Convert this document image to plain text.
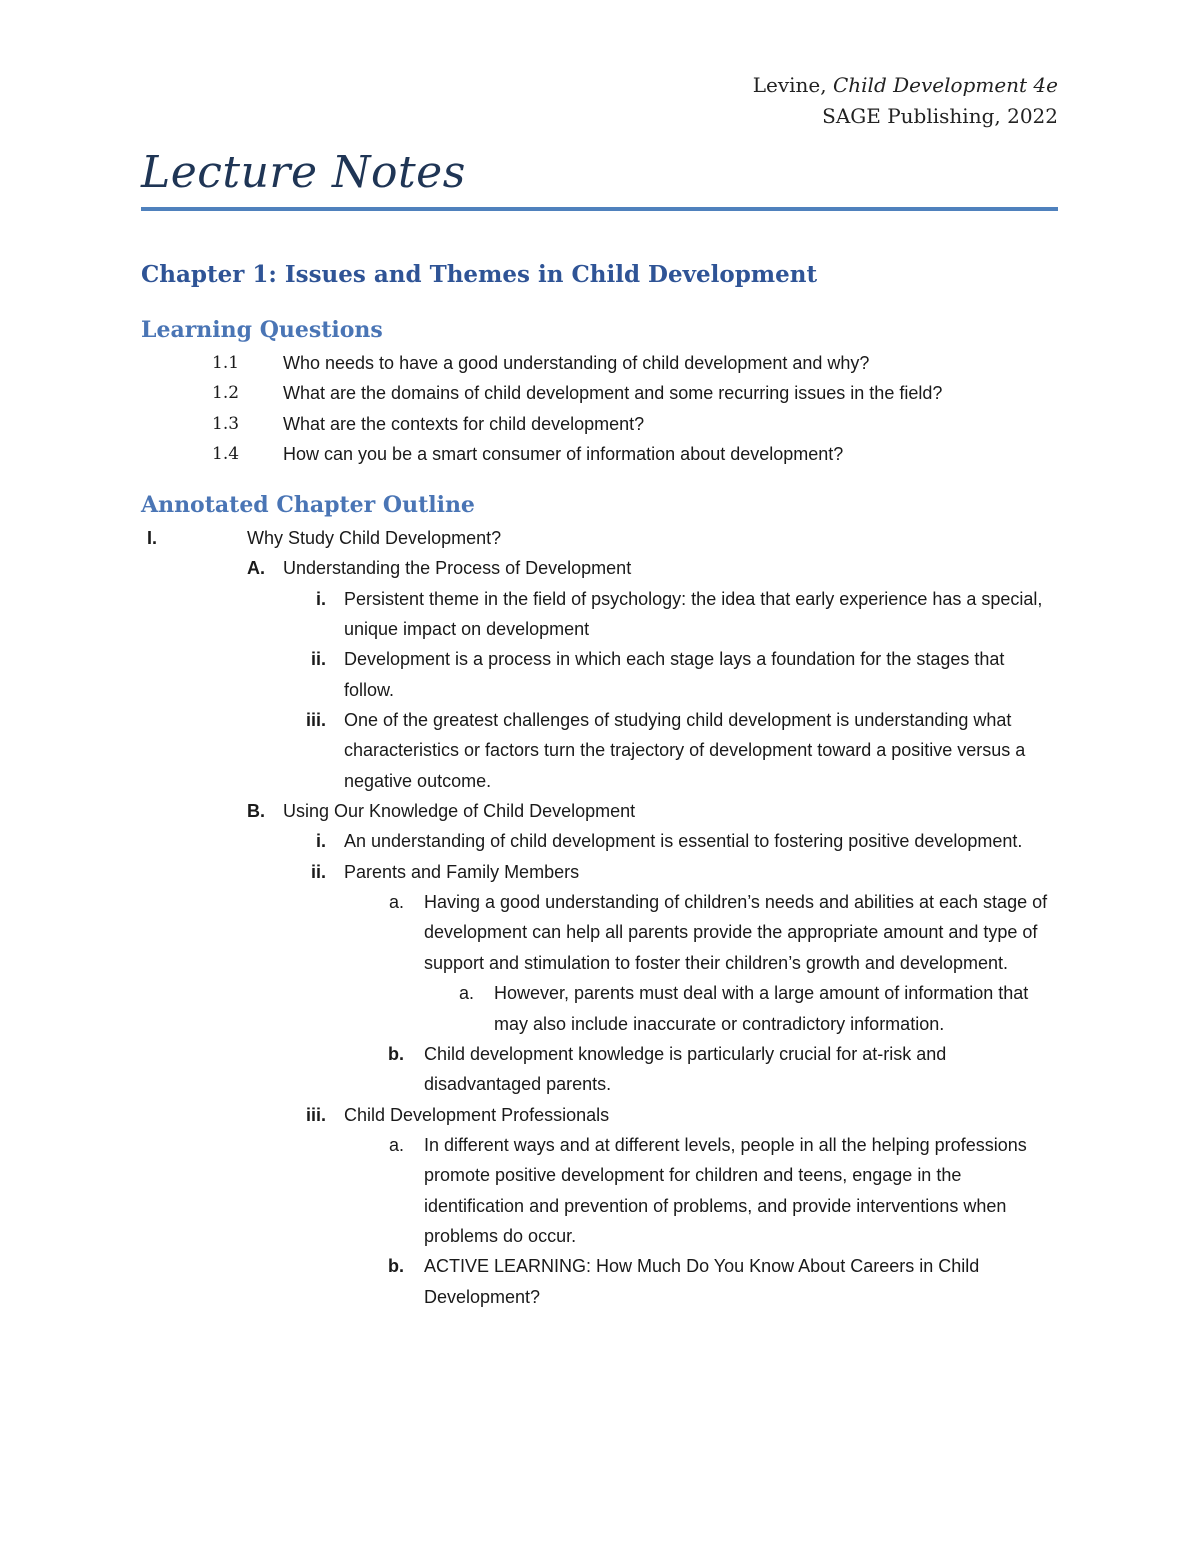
Levine, Child Development 4e
SAGE Publishing, 2022
Lecture Notes
Chapter 1: Issues and Themes in Child Development
Learning Questions
1.1 Who needs to have a good understanding of child development and why?
1.2 What are the domains of child development and some recurring issues in the field?
1.3 What are the contexts for child development?
1.4 How can you be a smart consumer of information about development?
Annotated Chapter Outline
I.	Why Study Child Development?
A. Understanding the Process of Development
i. Persistent theme in the field of psychology: the idea that early experience has a special, unique impact on development
ii. Development is a process in which each stage lays a foundation for the stages that follow.
iii. One of the greatest challenges of studying child development is understanding what characteristics or factors turn the trajectory of development toward a positive versus a negative outcome.
B. Using Our Knowledge of Child Development
i. An understanding of child development is essential to fostering positive development.
ii. Parents and Family Members
a. Having a good understanding of children’s needs and abilities at each stage of development can help all parents provide the appropriate amount and type of support and stimulation to foster their children’s growth and development.
a. However, parents must deal with a large amount of information that may also include inaccurate or contradictory information.
b. Child development knowledge is particularly crucial for at-risk and disadvantaged parents.
iii. Child Development Professionals
a. In different ways and at different levels, people in all the helping professions promote positive development for children and teens, engage in the identification and prevention of problems, and provide interventions when problems do occur.
b. ACTIVE LEARNING: How Much Do You Know About Careers in Child Development?
